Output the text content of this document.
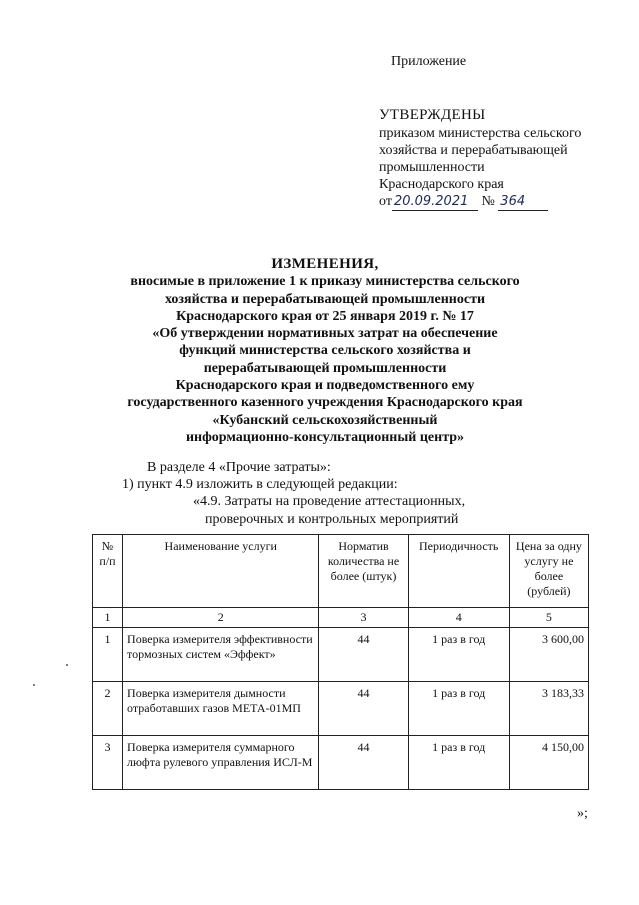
Приложение
УТВЕРЖДЕНЫ
приказом министерства сельского
хозяйства и перерабатывающей
промышленности
Краснодарского края
от 20.09.2021 № 364
ИЗМЕНЕНИЯ,
вносимые в приложение 1 к приказу министерства сельского
хозяйства и перерабатывающей промышленности
Краснодарского края от 25 января 2019 г. № 17
«Об утверждении нормативных затрат на обеспечение
функций министерства сельского хозяйства и
перерабатывающей промышленности
Краснодарского края и подведомственного ему
государственного казенного учреждения Краснодарского края
«Кубанский сельскохозяйственный
информационно-консультационный центр»
В разделе 4 «Прочие затраты»:
1) пункт 4.9 изложить в следующей редакции:
«4.9. Затраты на проведение аттестационных,
проверочных и контрольных мероприятий
№ п/п	Наименование услуги	Норматив количества не более (штук)	Периодичность	Цена за одну услугу не более (рублей)
1	2	3	4	5
1	Поверка измерителя эффективности тормозных систем «Эффект»	44	1 раз в год	3 600,00
2	Поверка измерителя дымности отработавших газов МЕТА-01МП	44	1 раз в год	3 183,33
3	Поверка измерителя суммарного люфта рулевого управления ИСЛ-М	44	1 раз в год	4 150,00
»;
